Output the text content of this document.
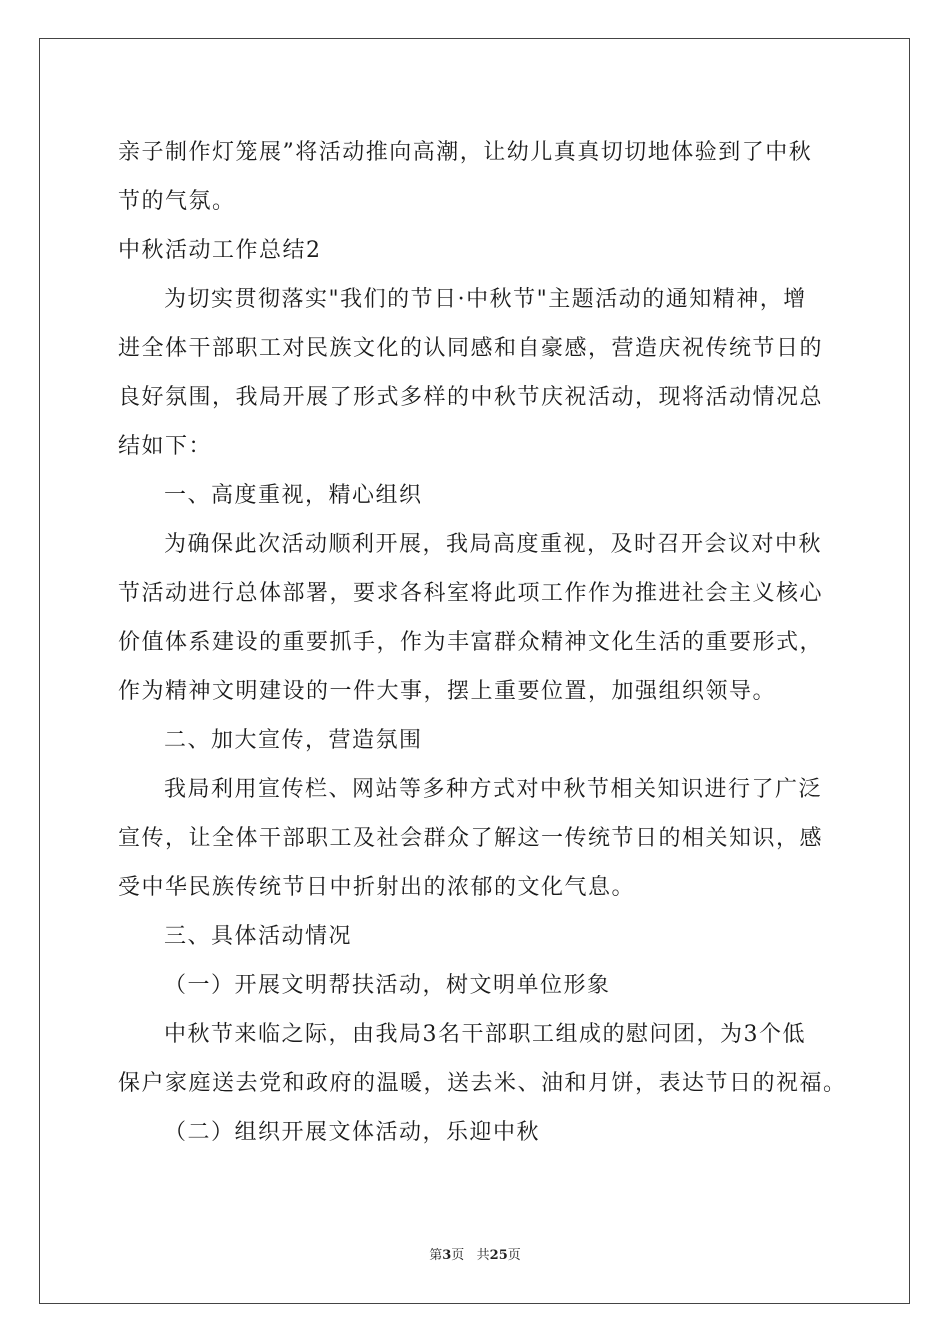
亲子制作灯笼展”将活动推向高潮，让幼儿真真切切地体验到了中秋
节的气氛。
中秋活动工作总结2
为切实贯彻落实"我们的节日·中秋节"主题活动的通知精神，增
进全体干部职工对民族文化的认同感和自豪感，营造庆祝传统节日的
良好氛围，我局开展了形式多样的中秋节庆祝活动，现将活动情况总
结如下：
一、高度重视，精心组织
为确保此次活动顺利开展，我局高度重视，及时召开会议对中秋
节活动进行总体部署，要求各科室将此项工作作为推进社会主义核心
价值体系建设的重要抓手，作为丰富群众精神文化生活的重要形式，
作为精神文明建设的一件大事，摆上重要位置，加强组织领导。
二、加大宣传，营造氛围
我局利用宣传栏、网站等多种方式对中秋节相关知识进行了广泛
宣传，让全体干部职工及社会群众了解这一传统节日的相关知识，感
受中华民族传统节日中折射出的浓郁的文化气息。
三、具体活动情况
（一）开展文明帮扶活动，树文明单位形象
中秋节来临之际，由我局3名干部职工组成的慰问团，为3个低
保户家庭送去党和政府的温暖，送去米、油和月饼，表达节日的祝福。
（二）组织开展文体活动，乐迎中秋
第3页   共25页
